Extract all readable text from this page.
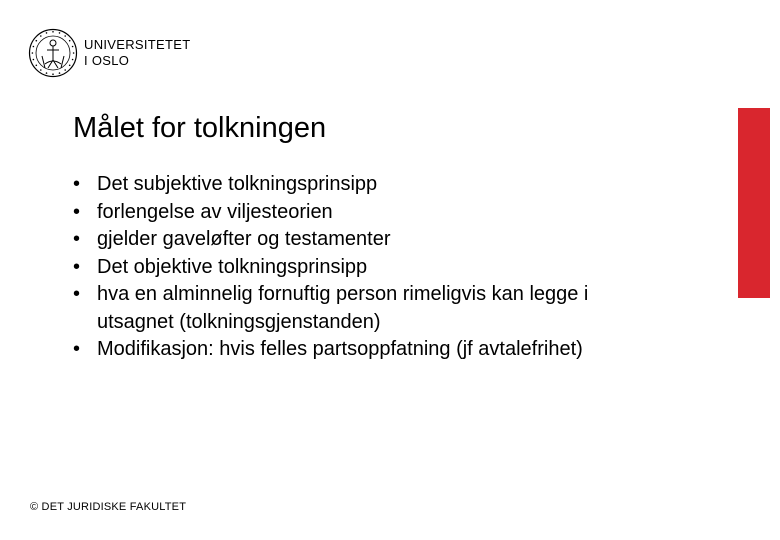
UNIVERSITETET
I OSLO
Målet for tolkningen
• Det subjektive tolkningsprinsipp
• forlengelse av viljesteorien
• gjelder gaveløfter og testamenter
• Det objektive tolkningsprinsipp
• hva en alminnelig fornuftig person rimeligvis kan legge i utsagnet (tolkningsgjenstanden)
• Modifikasjon: hvis felles partsoppfatning (jf avtalefrihet)
© DET JURIDISKE FAKULTET
